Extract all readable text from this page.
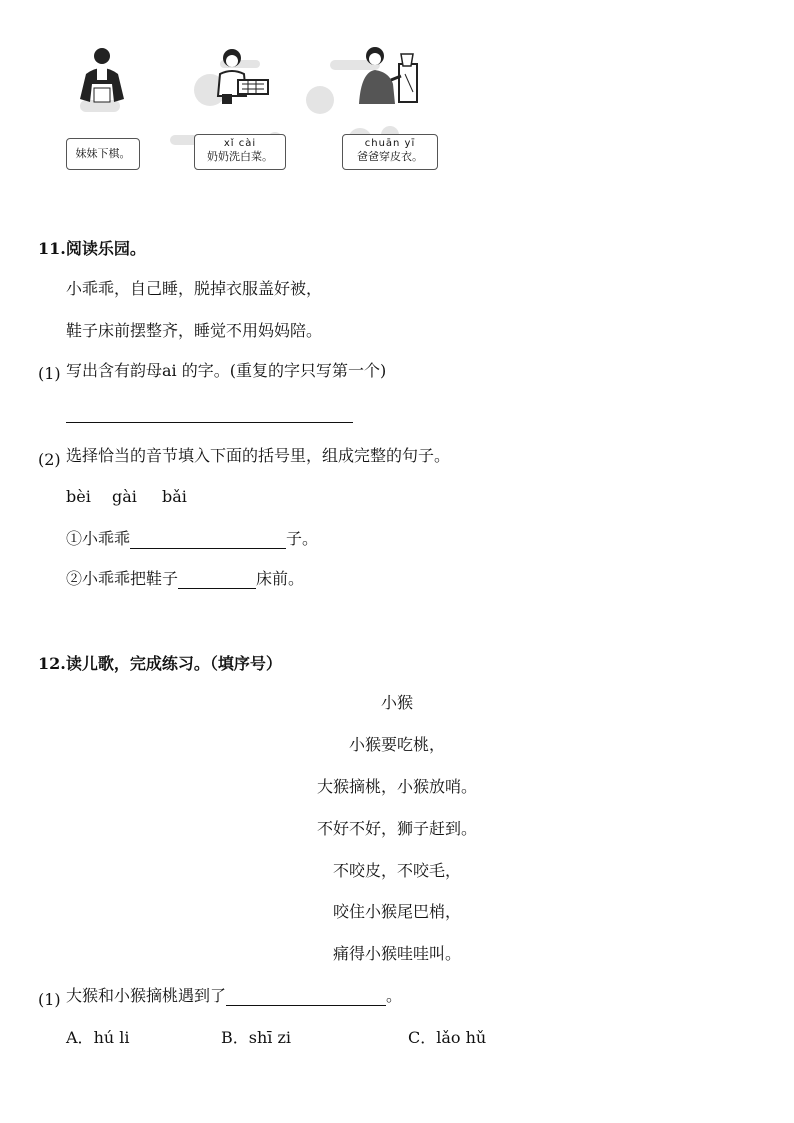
妹妹下棋。
xǐ cài
奶奶洗白菜。
chuān yī
爸爸穿皮衣。
11.阅读乐园。
小乖乖，自己睡，脱掉衣服盖好被，
鞋子床前摆整齐，睡觉不用妈妈陪。
(1) 写出含有韵母ai 的字。(重复的字只写第一个)
(2) 选择恰当的音节填入下面的括号里，组成完整的句子。
bèi gài bǎi
①小乖乖	子。
②小乖乖把鞋子	床前。
12.读儿歌，完成练习。（填序号）
小猴
小猴要吃桃，
大猴摘桃，小猴放哨。
不好不好，狮子赶到。
不咬皮，不咬毛，
咬住小猴尾巴梢，
痛得小猴哇哇叫。
(1) 大猴和小猴摘桃遇到了	。
A．hú li	B．shī zi	C．lǎo hǔ
